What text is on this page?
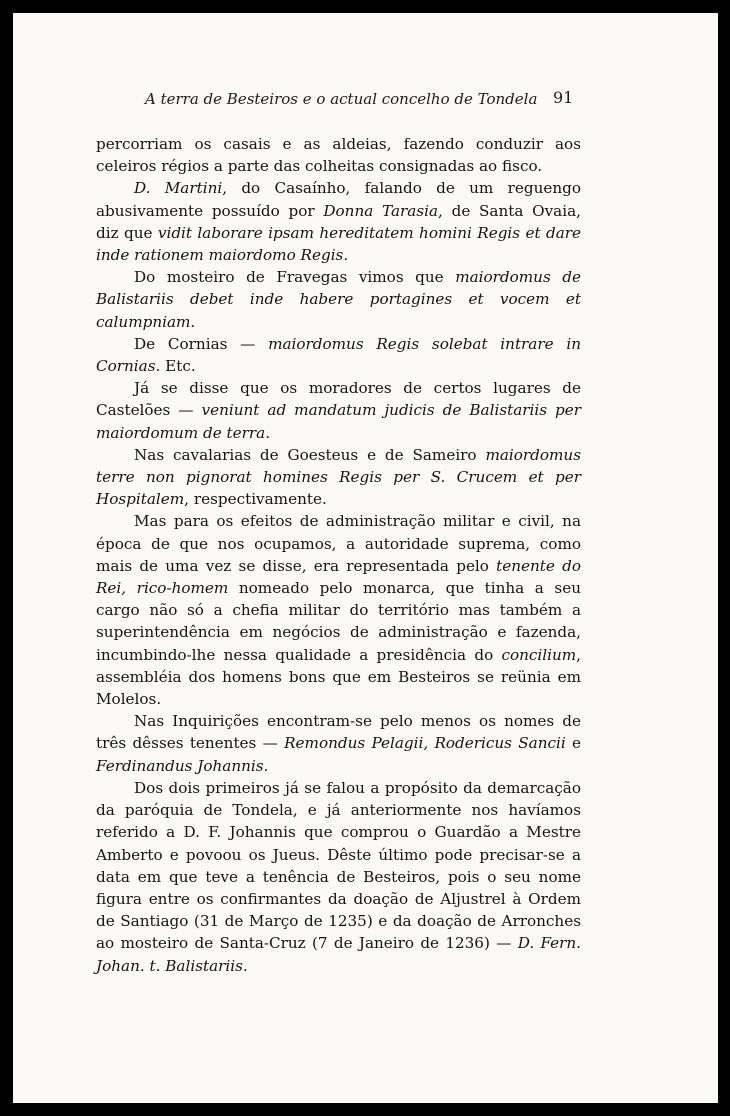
A terra de Besteiros e o actual concelho de Tondela 91

percorriam os casais e as aldeias, fazendo conduzir aos celeiros régios a parte das colheitas consignadas ao fisco.

D. Martini, do Casaínho, falando de um reguengo abusivamente possuído por Donna Tarasia, de Santa Ovaia, diz que vidit laborare ipsam hereditatem homini Regis et dare inde rationem maiordomo Regis.

Do mosteiro de Fravegas vimos que maiordomus de Balistariis debet inde habere portagines et vocem et calumpniam.

De Cornias — maiordomus Regis solebat intrare in Cornias. Etc.

Já se disse que os moradores de certos lugares de Castelões — veniunt ad mandatum judicis de Balistariis per maiordomum de terra.

Nas cavalarias de Goesteus e de Sameiro maiordomus terre non pignorat homines Regis per S. Crucem et per Hospitalem, respectivamente.

Mas para os efeitos de administração militar e civil, na época de que nos ocupamos, a autoridade suprema, como mais de uma vez se disse, era representada pelo tenente do Rei, rico-homem nomeado pelo monarca, que tinha a seu cargo não só a chefia militar do território mas também a superintendência em negócios de administração e fazenda, incumbindo-lhe nessa qualidade a presidência do concilium, assembléia dos homens bons que em Besteiros se reünia em Molelos.

Nas Inquirições encontram-se pelo menos os nomes de três dêsses tenentes — Remondus Pelagii, Rodericus Sancii e Ferdinandus Johannis.

Dos dois primeiros já se falou a propósito da demarcação da paróquia de Tondela, e já anteriormente nos havíamos referido a D. F. Johannis que comprou o Guardão a Mestre Amberto e povoou os Jueus. Dêste último pode precisar-se a data em que teve a tenência de Besteiros, pois o seu nome figura entre os confirmantes da doação de Aljustrel à Ordem de Santiago (31 de Março de 1235) e da doação de Arronches ao mosteiro de Santa-Cruz (7 de Janeiro de 1236) — D. Fern. Johan. t. Balistariis.
